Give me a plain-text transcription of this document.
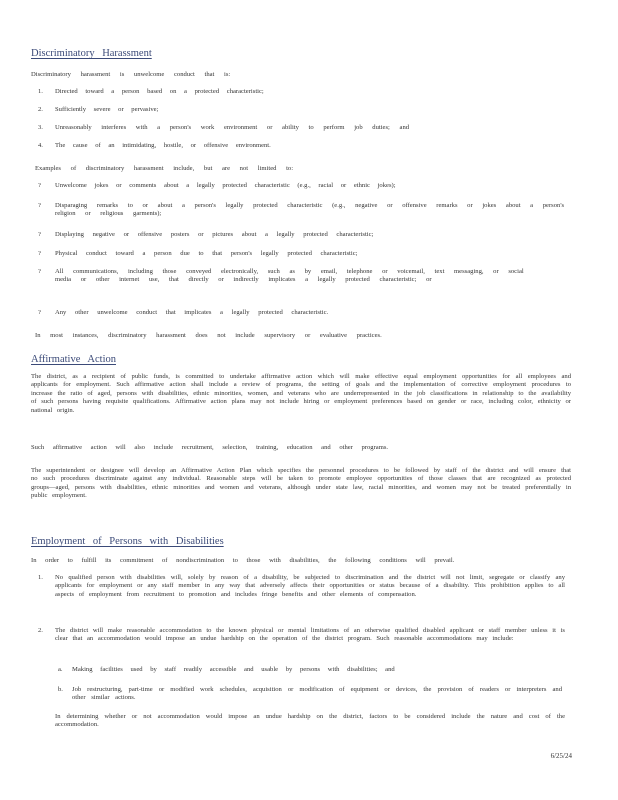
Discriminatory Harassment
Discriminatory harassment is unwelcome conduct that is:
1. Directed toward a person based on a protected characteristic;
2. Sufficiently severe or pervasive;
3. Unreasonably interferes with a person's work environment or ability to perform job duties; and
4. The cause of an intimidating, hostile, or offensive environment.
Examples of discriminatory harassment include, but are not limited to:
? Unwelcome jokes or comments about a legally protected characteristic (e.g., racial or ethnic jokes);
? Disparaging remarks to or about a person's legally protected characteristic (e.g., negative or offensive remarks or jokes about a person's religion or religious garments);
? Displaying negative or offensive posters or pictures about a legally protected characteristic;
? Physical conduct toward a person due to that person's legally protected characteristic;
? All communications, including those conveyed electronically, such as by email, telephone or voicemail, text messaging, or social media or other internet use, that directly or indirectly implicates a legally protected characteristic; or
? Any other unwelcome conduct that implicates a legally protected characteristic.
In most instances, discriminatory harassment does not include supervisory or evaluative practices.
Affirmative Action
The district, as a recipient of public funds, is committed to undertake affirmative action which will make effective equal employment opportunities for all employees and applicants for employment. Such affirmative action shall include a review of programs, the setting of goals and the implementation of corrective employment procedures to increase the ratio of aged, persons with disabilities, ethnic minorities, women, and veterans who are underrepresented in the job classifications in relationship to the availability of such persons having requisite qualifications. Affirmative action plans may not include hiring or employment preferences based on gender or race, including color, ethnicity or national origin.
Such affirmative action will also include recruitment, selection, training, education and other programs.
The superintendent or designee will develop an Affirmative Action Plan which specifies the personnel procedures to be followed by staff of the district and will ensure that no such procedures discriminate against any individual. Reasonable steps will be taken to promote employee opportunities of those classes that are recognized as protected groups—aged, persons with disabilities, ethnic minorities and women and veterans, although under state law, racial minorities, and women may not be treated preferentially in public employment.
Employment of Persons with Disabilities
In order to fulfill its commitment of nondiscrimination to those with disabilities, the following conditions will prevail.
1. No qualified person with disabilities will, solely by reason of a disability, be subjected to discrimination and the district will not limit, segregate or classify any applicants for employment or any staff member in any way that adversely affects their opportunities or status because of a disability. This prohibition applies to all aspects of employment from recruitment to promotion and includes fringe benefits and other elements of compensation.
2. The district will make reasonable accommodation to the known physical or mental limitations of an otherwise qualified disabled applicant or staff member unless it is clear that an accommodation would impose an undue hardship on the operation of the district program. Such reasonable accommodations may include:
a. Making facilities used by staff readily accessible and usable by persons with disabilities; and
b. Job restructuring, part-time or modified work schedules, acquisition or modification of equipment or devices, the provision of readers or interpreters and other similar actions.
In determining whether or not accommodation would impose an undue hardship on the district, factors to be considered include the nature and cost of the accommodation.
6/25/24
